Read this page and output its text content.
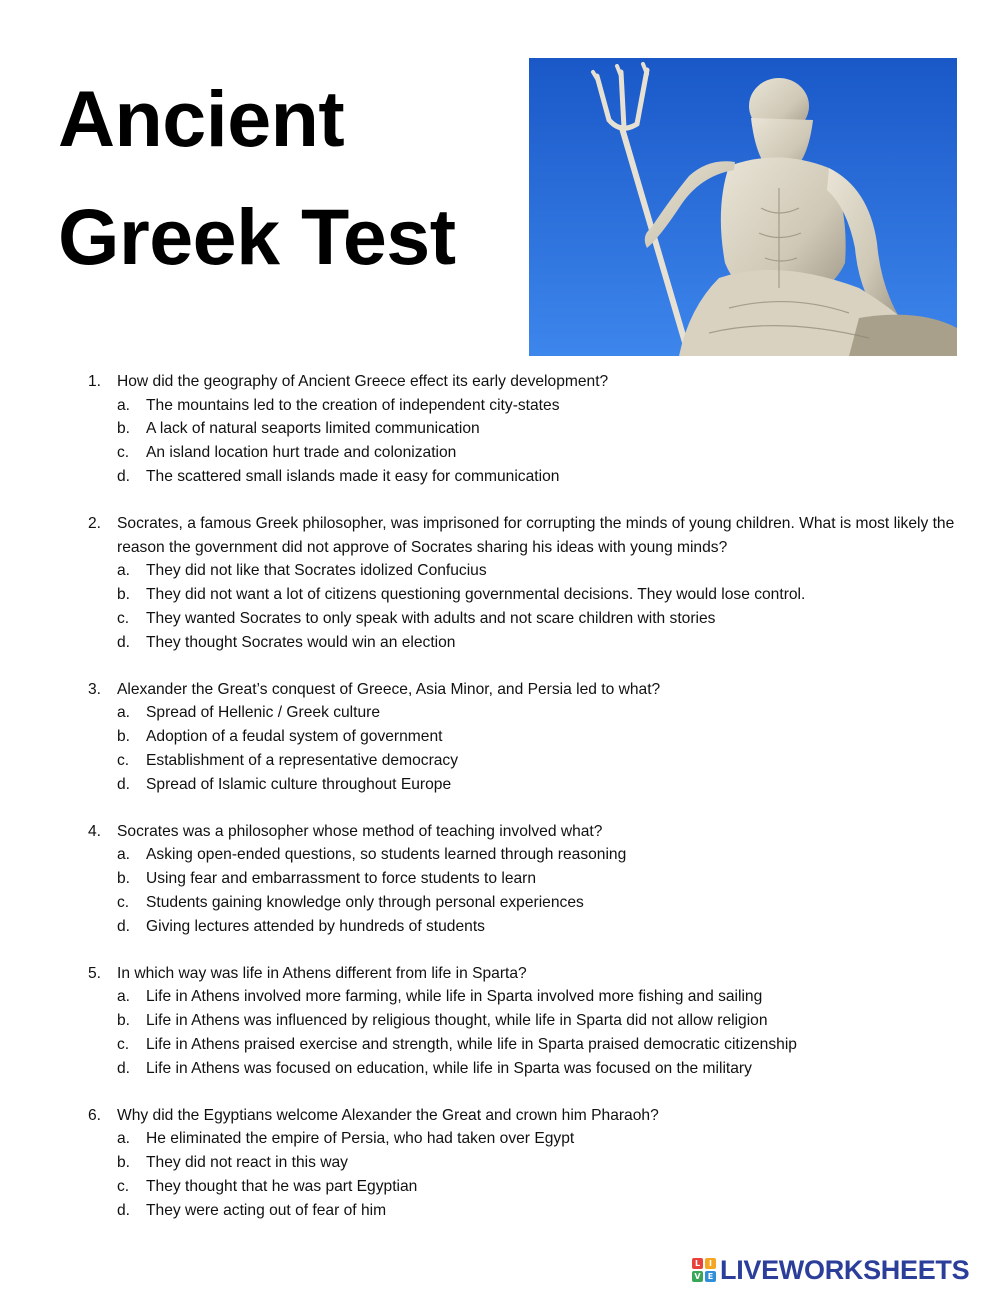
Ancient
Greek Test
1.	How did the geography of Ancient Greece effect its early development?
a.	The mountains led to the creation of independent city-states
b.	A lack of natural seaports limited communication
c.	An island location hurt trade and colonization
d.	The scattered small islands made it easy for communication
2.	Socrates, a famous Greek philosopher, was imprisoned for corrupting the minds of young children. What is most likely the reason the government did not approve of Socrates sharing his ideas with young minds?
a.	They did not like that Socrates idolized Confucius
b.	They did not want a lot of citizens questioning governmental decisions. They would lose control.
c.	They wanted Socrates to only speak with adults and not scare children with stories
d.	They thought Socrates would win an election
3.	Alexander the Great’s conquest of Greece, Asia Minor, and Persia led to what?
a.	Spread of Hellenic / Greek culture
b.	Adoption of a feudal system of government
c.	Establishment of a representative democracy
d.	Spread of Islamic culture throughout Europe
4.	Socrates was a philosopher whose method of teaching involved what?
a.	Asking open-ended questions, so students learned through reasoning
b.	Using fear and embarrassment to force students to learn
c.	Students gaining knowledge only through personal experiences
d.	Giving lectures attended by hundreds of students
5.	In which way was life in Athens different from life in Sparta?
a.	Life in Athens involved more farming, while life in Sparta involved more fishing and sailing
b.	Life in Athens was influenced by religious thought, while life in Sparta did not allow religion
c.	Life in Athens praised exercise and strength, while life in Sparta praised democratic citizenship
d.	Life in Athens was focused on education, while life in Sparta was focused on the military
6.	Why did the Egyptians welcome Alexander the Great and crown him Pharaoh?
a.	He eliminated the empire of Persia, who had taken over Egypt
b.	They did not react in this way
c.	They thought that he was part Egyptian
d.	They were acting out of fear of him
L	I
V E LIVEWORKSHEETS
